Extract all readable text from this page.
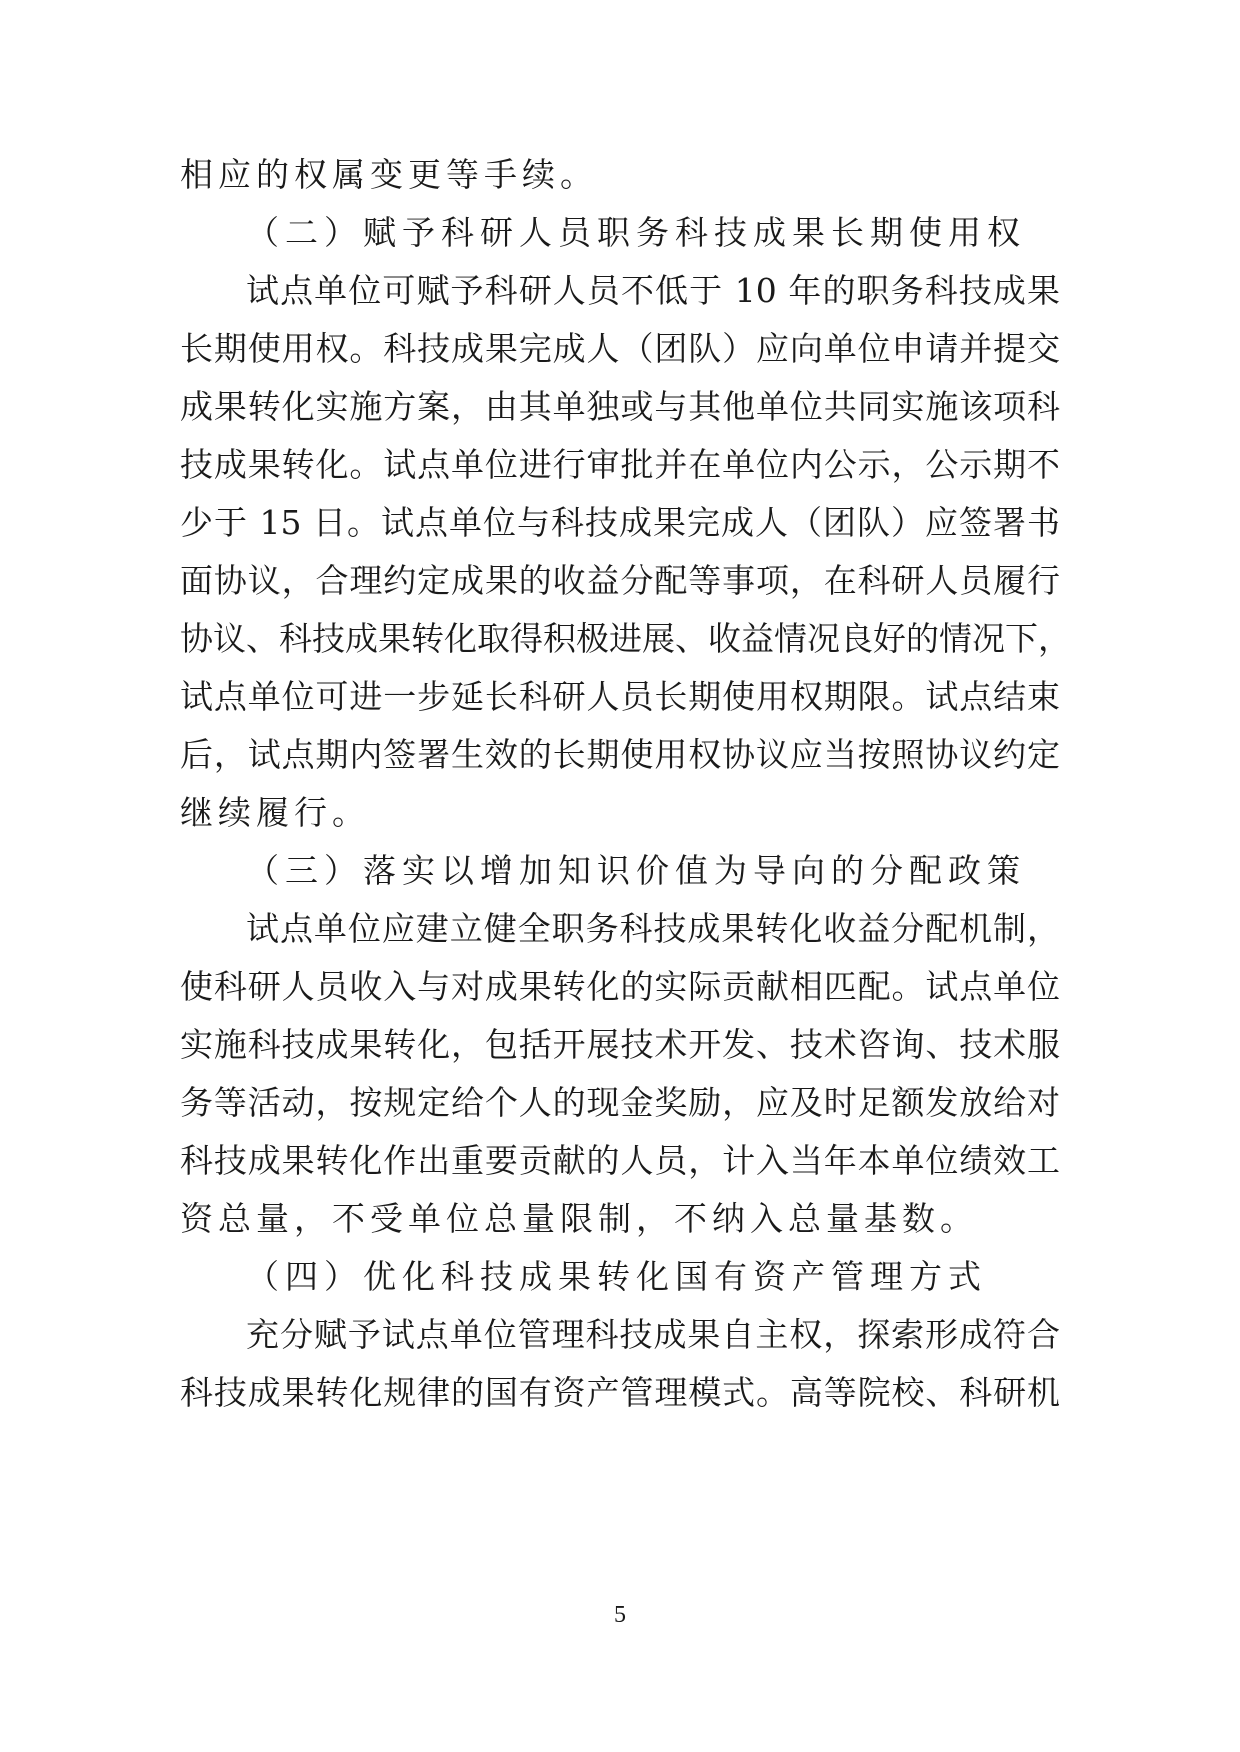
相应的权属变更等手续。
（二）赋予科研人员职务科技成果长期使用权
试点单位可赋予科研人员不低于 10 年的职务科技成果
长期使用权。科技成果完成人（团队）应向单位申请并提交
成果转化实施方案，由其单独或与其他单位共同实施该项科
技成果转化。试点单位进行审批并在单位内公示，公示期不
少于 15 日。试点单位与科技成果完成人（团队）应签署书
面协议，合理约定成果的收益分配等事项，在科研人员履行
协议、科技成果转化取得积极进展、收益情况良好的情况下，
试点单位可进一步延长科研人员长期使用权期限。试点结束
后，试点期内签署生效的长期使用权协议应当按照协议约定
继续履行。
（三）落实以增加知识价值为导向的分配政策
试点单位应建立健全职务科技成果转化收益分配机制，
使科研人员收入与对成果转化的实际贡献相匹配。试点单位
实施科技成果转化，包括开展技术开发、技术咨询、技术服
务等活动，按规定给个人的现金奖励，应及时足额发放给对
科技成果转化作出重要贡献的人员，计入当年本单位绩效工
资总量，不受单位总量限制，不纳入总量基数。
（四）优化科技成果转化国有资产管理方式
充分赋予试点单位管理科技成果自主权，探索形成符合
科技成果转化规律的国有资产管理模式。高等院校、科研机
5
